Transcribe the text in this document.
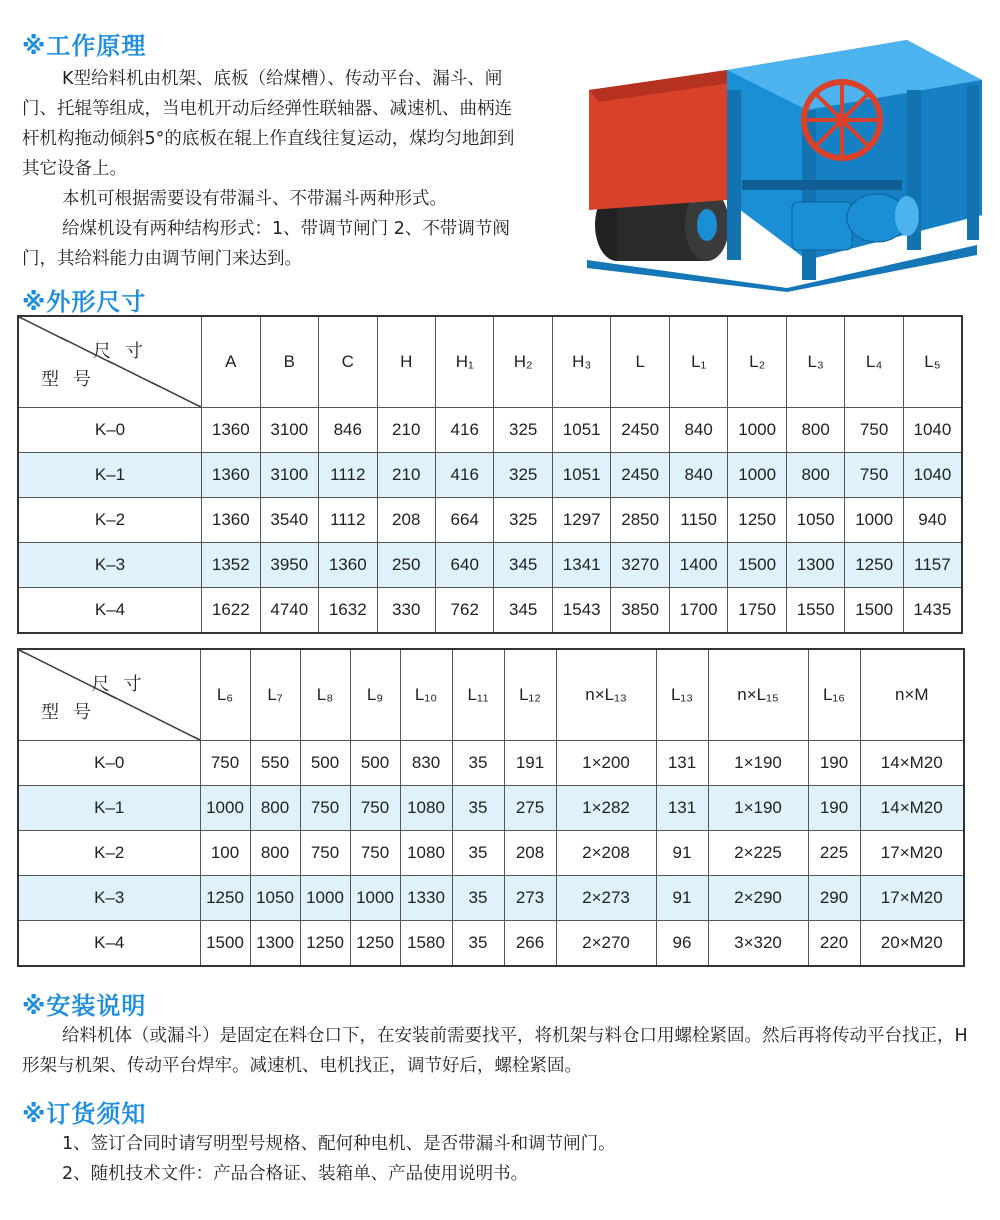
※工作原理

K型给料机由机架、底板（给煤槽）、传动平台、漏斗、闸门、托辊等组成，当电机开动后经弹性联轴器、减速机、曲柄连杆机构拖动倾斜5°的底板在辊上作直线往复运动，煤均匀地卸到其它设备上。

本机可根据需要设有带漏斗、不带漏斗两种形式。

给煤机设有两种结构形式：1、带调节闸门 2、不带调节阀门，其给料能力由调节闸门来达到。

※外形尺寸
尺寸
型号	A	B	C	H	H₁	H₂	H₃	L	L₁	L₂	L₃	L₄	L₅
K–0	1360	3100	846	210	416	325	1051	2450	840	1000	800	750	1040
K–1	1360	3100	1112	210	416	325	1051	2450	840	1000	800	750	1040
K–2	1360	3540	1112	208	664	325	1297	2850	1150	1250	1050	1000	940
K–3	1352	3950	1360	250	640	345	1341	3270	1400	1500	1300	1250	1157
K–4	1622	4740	1632	330	762	345	1543	3850	1700	1750	1550	1500	1435
尺寸
型号	L₆	L₇	L₈	L₉	L₁₀	L₁₁	L₁₂	n×L₁₃	L₁₃	n×L₁₅	L₁₆	n×M
K–0	750	550	500	500	830	35	191	1×200	131	1×190	190	14×M20
K–1	1000	800	750	750	1080	35	275	1×282	131	1×190	190	14×M20
K–2	100	800	750	750	1080	35	208	2×208	91	2×225	225	17×M20
K–3	1250	1050	1000	1000	1330	35	273	2×273	91	2×290	290	17×M20
K–4	1500	1300	1250	1250	1580	35	266	2×270	96	3×320	220	20×M20
※安装说明

给料机体（或漏斗）是固定在料仓口下，在安装前需要找平，将机架与料仓口用螺栓紧固。然后再将传动平台找正，H形架与机架、传动平台焊牢。减速机、电机找正，调节好后，螺栓紧固。

※订货须知

1、签订合同时请写明型号规格、配何种电机、是否带漏斗和调节闸门。

2、随机技术文件：产品合格证、装箱单、产品使用说明书。
